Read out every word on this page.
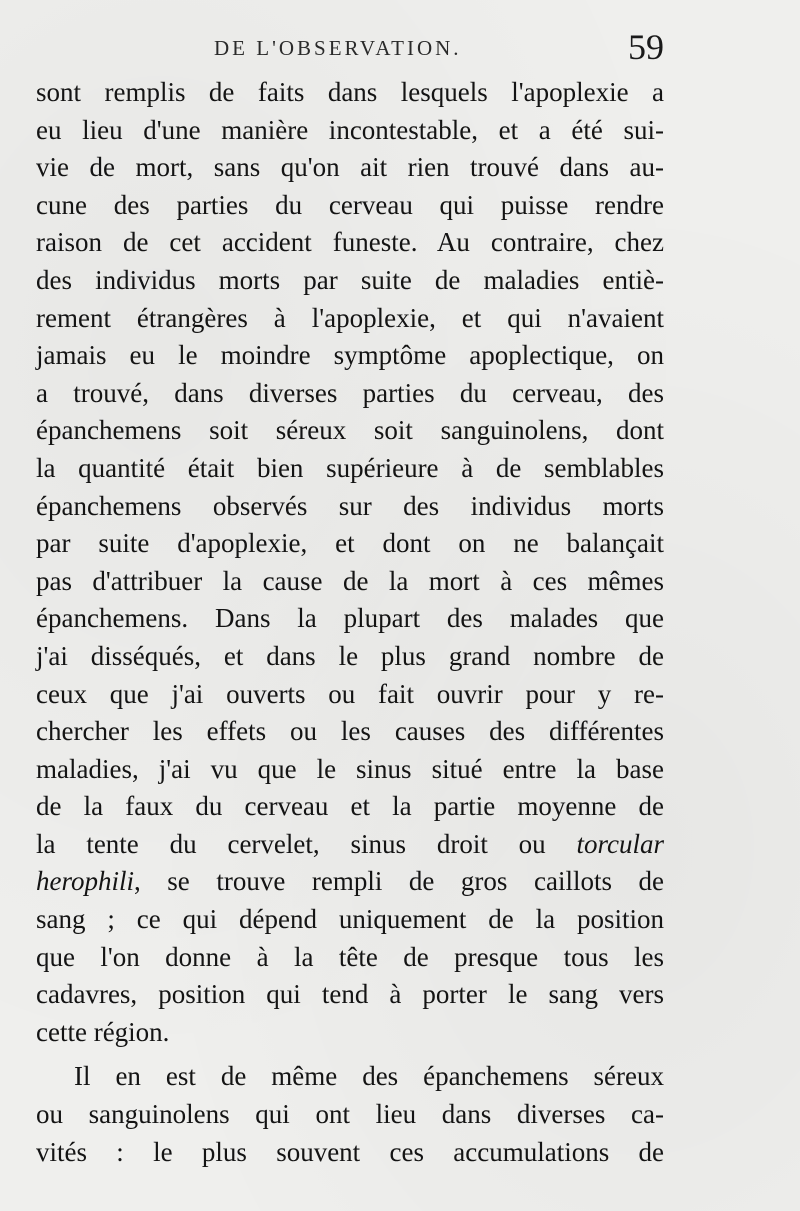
DE L'OBSERVATION.	59
sont remplis de faits dans lesquels l'apoplexie a
eu lieu d'une manière incontestable, et a été sui-
vie de mort, sans qu'on ait rien trouvé dans au-
cune des parties du cerveau qui puisse rendre
raison de cet accident funeste. Au contraire, chez
des individus morts par suite de maladies entiè-
rement étrangères à l'apoplexie, et qui n'avaient
jamais eu le moindre symptôme apoplectique, on
a trouvé, dans diverses parties du cerveau, des
épanchemens soit séreux soit sanguinolens, dont
la quantité était bien supérieure à de semblables
épanchemens observés sur des individus morts
par suite d'apoplexie, et dont on ne balançait
pas d'attribuer la cause de la mort à ces mêmes
épanchemens. Dans la plupart des malades que
j'ai disséqués, et dans le plus grand nombre de
ceux que j'ai ouverts ou fait ouvrir pour y re-
chercher les effets ou les causes des différentes
maladies, j'ai vu que le sinus situé entre la base
de la faux du cerveau et la partie moyenne de
la tente du cervelet, sinus droit ou torcular
herophili, se trouve rempli de gros caillots de
sang ; ce qui dépend uniquement de la position
que l'on donne à la tête de presque tous les
cadavres, position qui tend à porter le sang vers
cette région.
Il en est de même des épanchemens séreux
ou sanguinolens qui ont lieu dans diverses ca-
vités : le plus souvent ces accumulations de
